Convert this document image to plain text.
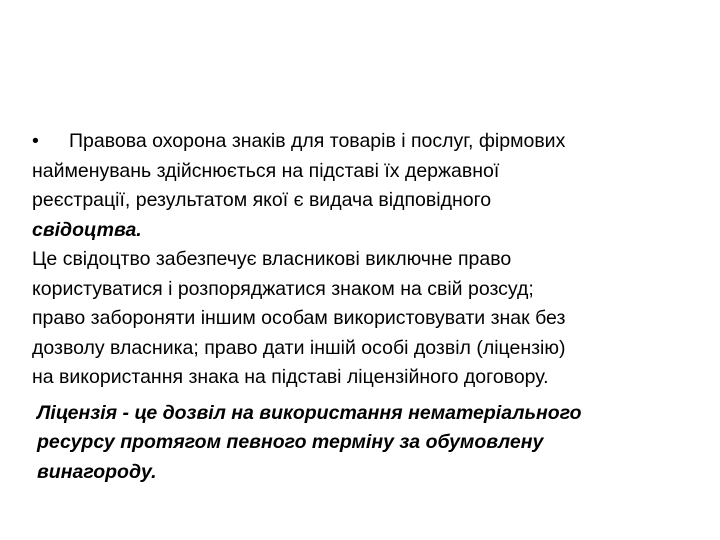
• Правова охорона знаків для товарів і послуг, фірмових
найменувань здійснюється на підставі їх державної
реєстрації, результатом якої є видача відповідного
свідоцтва.
Це свідоцтво забезпечує власникові виключне право
користуватися і розпоряджатися знаком на свій розсуд;
право забороняти іншим особам використовувати знак без
дозволу власника; право дати іншій особі дозвіл (ліцензію)
на використання знака на підставі ліцензійного договору.
Ліцензія - це дозвіл на використання нематеріального
ресурсу протягом певного терміну за обумовлену
винагороду.
